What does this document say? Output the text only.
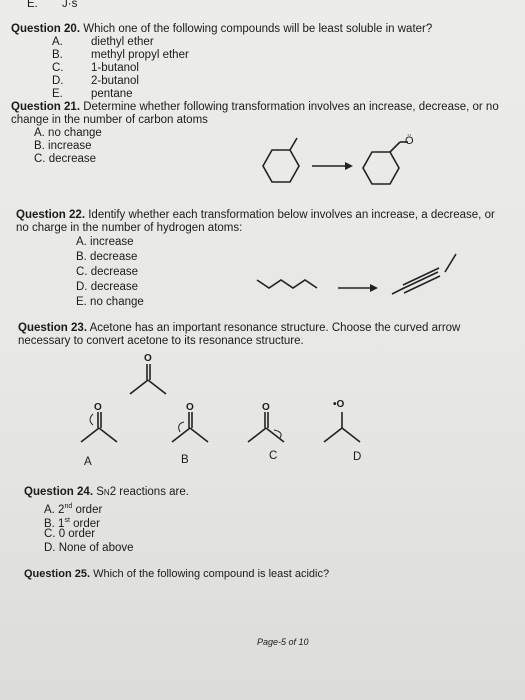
E. J·s
Question 20. Which one of the following compounds will be least soluble in water?
A. diethyl ether
B. methyl propyl ether
C. 1-butanol
D. 2-butanol
E. pentane
Question 21. Determine whether following transformation involves an increase, decrease, or no
change in the number of carbon atoms
A. no change
B. increase
C. decrease
Ö
Question 22. Identify whether each transformation below involves an increase, a decrease, or
no charge in the number of hydrogen atoms:
A. increase
B. decrease
C. decrease
D. decrease
E. no change
Question 23. Acetone has an important resonance structure. Choose the curved arrow
necessary to convert acetone to its resonance structure.
O
O	O	O	•O
A	B	C	D
Question 24. SN2 reactions are.
A. 2nd order
B. 1st order
C. 0 order
D. None of above
Question 25. Which of the following compound is least acidic?
Page-5 of 10
